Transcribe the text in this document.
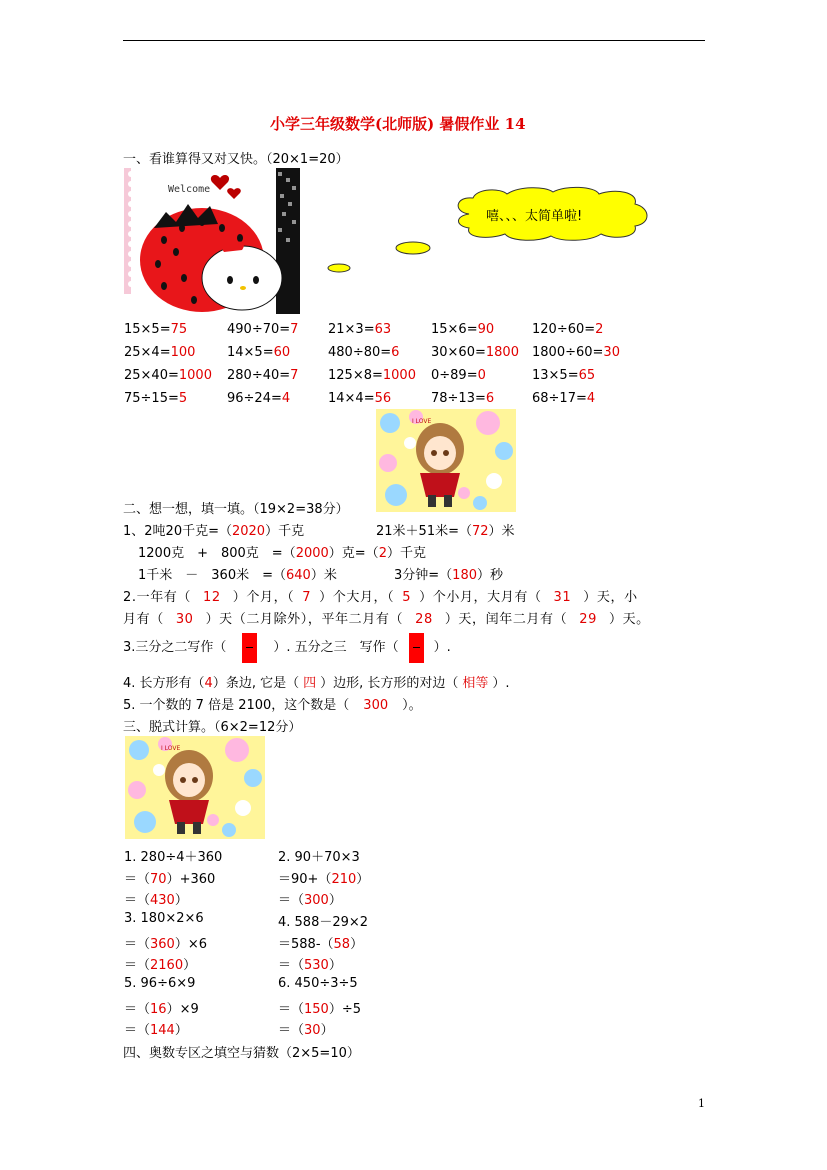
小学三年级数学(北师版) 暑假作业 14
一、看谁算得又对又快。（20×1=20）
Welcome
嘻、、、太简单啦!
15×5=75	490÷70=7 21×3=63	15×6=90	120÷60=2
25×4=100 14×5=60	480÷80=6 30×60=1800 1800÷60=30
25×40=1000 280÷40=7 125×8=1000 0÷89=0	13×5=65
75÷15=5	96÷24=4	14×4=56	78÷13=6	68÷17=4
I LOVE
二、想一想，填一填。（19×2=38分）
1、2吨20千克=（2020）千克	21米＋51米=（72）米
1200克　+　800克　=（2000）克=（2）千克
1千米　－　360米　=（640）米	3分钟=（180）秒
2.一年有（ 12 ）个月，（ 7 ）个大月，（ 5 ）个小月，大月有（ 31 ）天，小
月有（ 30 ）天（二月除外），平年二月有（ 28 ）天，闰年二月有（ 29 ）天。
3.三分之二写作（	）. 五分之三　写作（	）.
4. 长方形有（4）条边, 它是（ 四 ）边形, 长方形的对边（ 相等 ）.
5. 一个数的 7 倍是 2100，这个数是（ 300 ）。
三、脱式计算。（6×2=12分）
I LOVE
1. 280÷4＋360
＝（70）+360
＝（430）
2. 90＋70×3
＝90+（210）
＝（300）
3. 180×2×6
＝（360）×6
＝（2160）
4. 588－29×2
＝588-（58）
＝（530）
5. 96÷6×9
＝（16）×9
＝（144）
6. 450÷3÷5
＝（150）÷5
＝（30）
四、奥数专区之填空与猜数（2×5=10）
1
